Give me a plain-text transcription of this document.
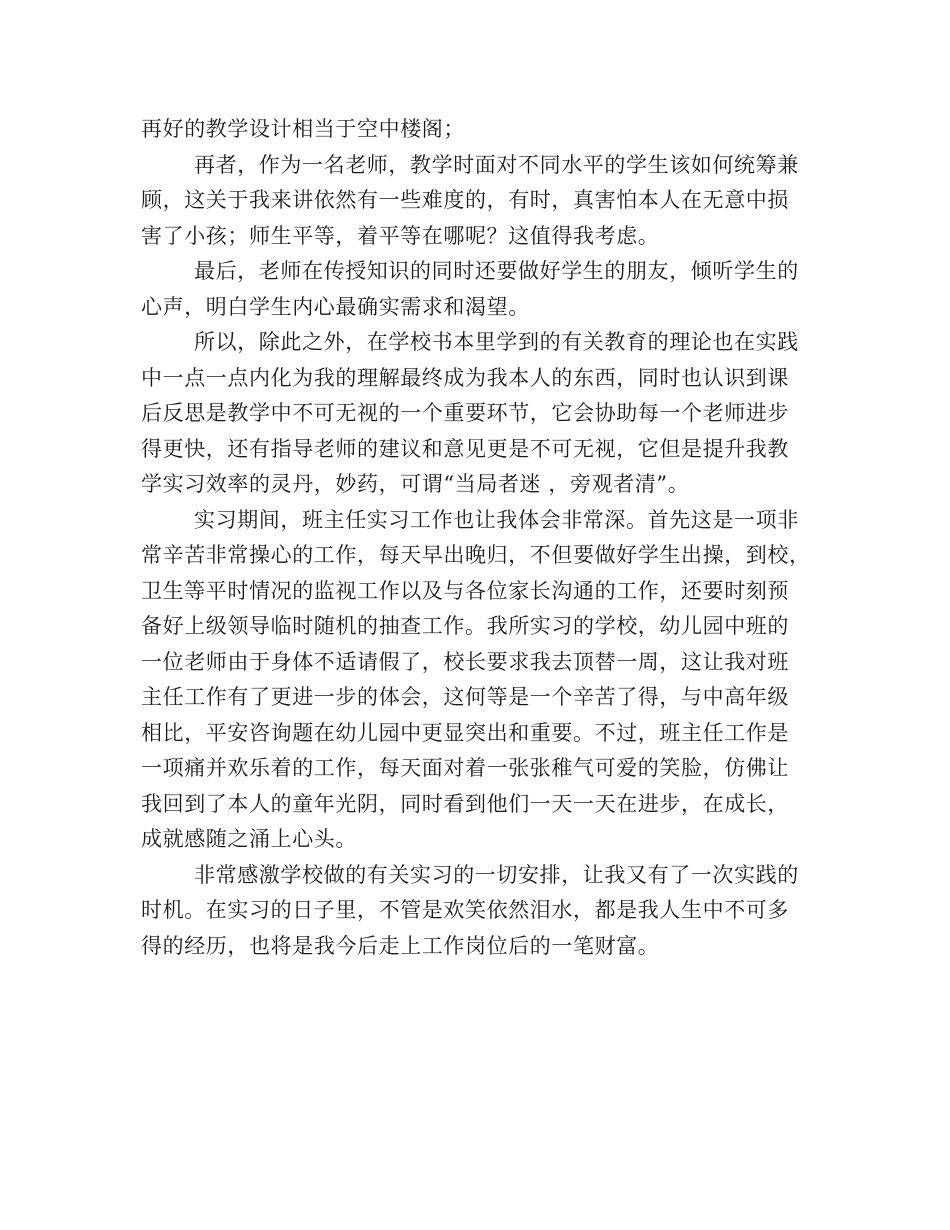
再好的教学设计相当于空中楼阁；
再者，作为一名老师，教学时面对不同水平的学生该如何统筹兼
顾，这关于我来讲依然有一些难度的，有时，真害怕本人在无意中损
害了小孩；师生平等，着平等在哪呢？这值得我考虑。
最后，老师在传授知识的同时还要做好学生的朋友，倾听学生的
心声，明白学生内心最确实需求和渴望。
所以，除此之外，在学校书本里学到的有关教育的理论也在实践
中一点一点内化为我的理解最终成为我本人的东西，同时也认识到课
后反思是教学中不可无视的一个重要环节，它会协助每一个老师进步
得更快，还有指导老师的建议和意见更是不可无视，它但是提升我教
学实习效率的灵丹，妙药，可谓“当局者迷 ，旁观者清”。
实习期间，班主任实习工作也让我体会非常深。首先这是一项非
常辛苦非常操心的工作，每天早出晚归，不但要做好学生出操，到校，
卫生等平时情况的监视工作以及与各位家长沟通的工作，还要时刻预
备好上级领导临时随机的抽查工作。我所实习的学校，幼儿园中班的
一位老师由于身体不适请假了，校长要求我去顶替一周，这让我对班
主任工作有了更进一步的体会，这何等是一个辛苦了得，与中高年级
相比，平安咨询题在幼儿园中更显突出和重要。不过，班主任工作是
一项痛并欢乐着的工作，每天面对着一张张稚气可爱的笑脸，仿佛让
我回到了本人的童年光阴，同时看到他们一天一天在进步，在成长，
成就感随之涌上心头。
非常感激学校做的有关实习的一切安排，让我又有了一次实践的
时机。在实习的日子里，不管是欢笑依然泪水，都是我人生中不可多
得的经历，也将是我今后走上工作岗位后的一笔财富。
